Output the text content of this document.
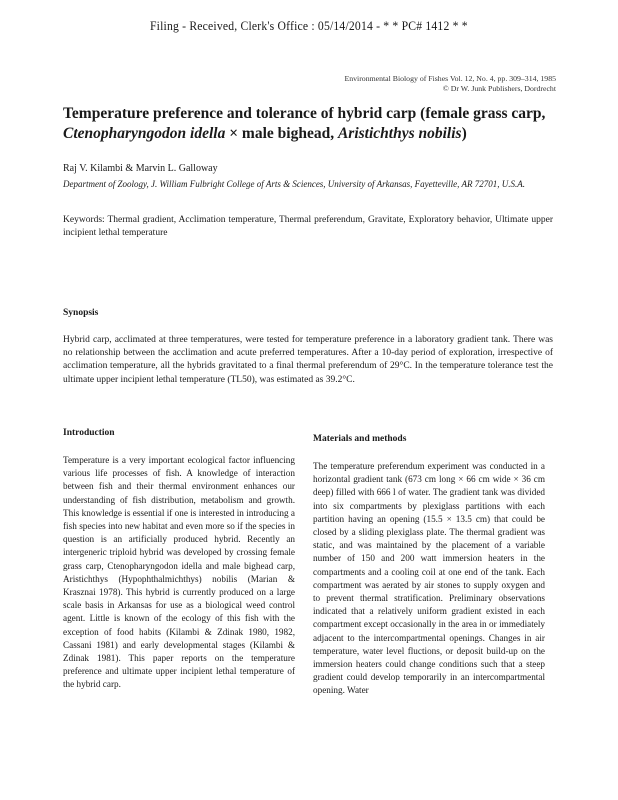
Filing - Received, Clerk's Office : 05/14/2014 - * * PC# 1412 * *
Environmental Biology of Fishes Vol. 12, No. 4, pp. 309–314, 1985
© Dr W. Junk Publishers, Dordrecht
Temperature preference and tolerance of hybrid carp (female grass carp,
Ctenopharyngodon idella × male bighead, Aristichthys nobilis)
Raj V. Kilambi & Marvin L. Galloway
Department of Zoology, J. William Fulbright College of Arts & Sciences, University of Arkansas, Fayetteville, AR 72701, U.S.A.
Keywords: Thermal gradient, Acclimation temperature, Thermal preferendum, Gravitate, Exploratory behavior, Ultimate upper incipient lethal temperature
Synopsis

Hybrid carp, acclimated at three temperatures, were tested for temperature preference in a laboratory gradient tank. There was no relationship between the acclimation and acute preferred temperatures. After a 10-day period of exploration, irrespective of acclimation temperature, all the hybrids gravitated to a final thermal preferendum of 29°C. In the temperature tolerance test the ultimate upper incipient lethal temperature (TL50), was estimated as 39.2°C.

Introduction

Temperature is a very important ecological factor influencing various life processes of fish. A knowledge of interaction between fish and their thermal environment enhances our understanding of fish distribution, metabolism and growth. This knowledge is essential if one is interested in introducing a fish species into new habitat and even more so if the species in question is an artificially produced hybrid. Recently an intergeneric triploid hybrid was developed by crossing female grass carp, Ctenopharyngodon idella and male bighead carp, Aristichthys (Hypophthalmichthys) nobilis (Marian & Krasznai 1978). This hybrid is currently produced on a large scale basis in Arkansas for use as a biological weed control agent. Little is known of the ecology of this fish with the exception of food habits (Kilambi & Zdinak 1980, 1982, Cassani 1981) and early developmental stages (Kilambi & Zdinak 1981). This paper reports on the temperature preference and ultimate upper incipient lethal temperature of the hybrid carp.

Materials and methods

The temperature preferendum experiment was conducted in a horizontal gradient tank (673 cm long × 66 cm wide × 36 cm deep) filled with 666 l of water. The gradient tank was divided into six compartments by plexiglass partitions with each partition having an opening (15.5 × 13.5 cm) that could be closed by a sliding plexiglass plate. The thermal gradient was static, and was maintained by the placement of a variable number of 150 and 200 watt immersion heaters in the compartments and a cooling coil at one end of the tank. Each compartment was aerated by air stones to supply oxygen and to prevent thermal stratification. Preliminary observations indicated that a relatively uniform gradient existed in each compartment except occasionally in the area in or immediately adjacent to the intercompartmental openings. Changes in air temperature, water level fluctions, or deposit build-up on the immersion heaters could change conditions such that a steep gradient could develop temporarily in an intercompartmental opening. Water
